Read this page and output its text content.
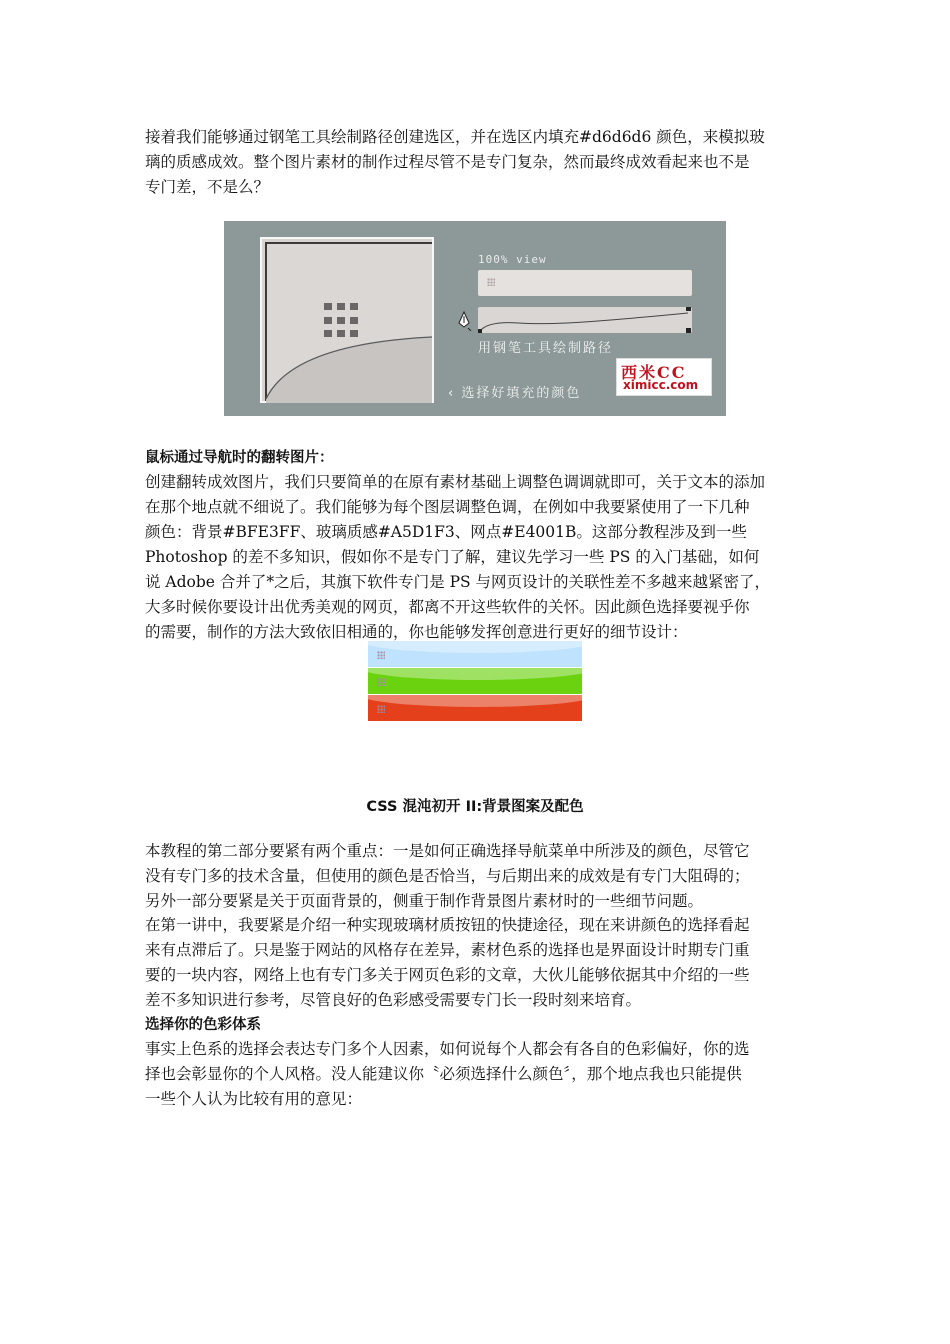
接着我们能够通过钢笔工具绘制路径创建选区，并在选区内填充#d6d6d6 颜色，来模拟玻
璃的质感成效。整个图片素材的制作过程尽管不是专门复杂，然而最终成效看起来也不是
专门差，不是么？
100% view
用钢笔工具绘制路径
‹ 选择好填充的颜色
西米CC
ximicc.com
鼠标通过导航时的翻转图片：
创建翻转成效图片，我们只要简单的在原有素材基础上调整色调调就即可，关于文本的添加
在那个地点就不细说了。我们能够为每个图层调整色调，在例如中我要紧使用了一下几种
颜色：背景#BFE3FF、玻璃质感#A5D1F3、网点#E4001B。这部分教程涉及到一些
Photoshop 的差不多知识，假如你不是专门了解，建议先学习一些 PS 的入门基础，如何
说 Adobe 合并了*之后，其旗下软件专门是 PS 与网页设计的关联性差不多越来越紧密了，
大多时候你要设计出优秀美观的网页，都离不开这些软件的关怀。因此颜色选择要视乎你
的需要，制作的方法大致依旧相通的，你也能够发挥创意进行更好的细节设计：
CSS 混沌初开 II:背景图案及配色
本教程的第二部分要紧有两个重点：一是如何正确选择导航菜单中所涉及的颜色，尽管它
没有专门多的技术含量，但使用的颜色是否恰当，与后期出来的成效是有专门大阻碍的；
另外一部分要紧是关于页面背景的，侧重于制作背景图片素材时的一些细节问题。
在第一讲中，我要紧是介绍一种实现玻璃材质按钮的快捷途径，现在来讲颜色的选择看起
来有点滞后了。只是鉴于网站的风格存在差异，素材色系的选择也是界面设计时期专门重
要的一块内容，网络上也有专门多关于网页色彩的文章，大伙儿能够依据其中介绍的一些
差不多知识进行参考，尽管良好的色彩感受需要专门长一段时刻来培育。
选择你的色彩体系
事实上色系的选择会表达专门多个人因素，如何说每个人都会有各自的色彩偏好，你的选
择也会彰显你的个人风格。没人能建议你〝必须选择什么颜色〞，那个地点我也只能提供
一些个人认为比较有用的意见：
